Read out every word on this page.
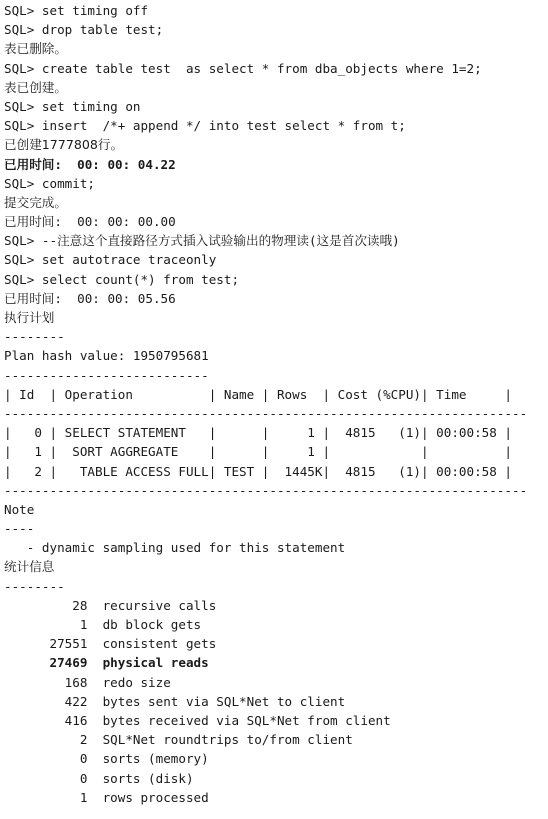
SQL> set timing off
SQL> drop table test;
表已删除。
SQL> create table test  as select * from dba_objects where 1=2;
表已创建。
SQL> set timing on
SQL> insert  /*+ append */ into test select * from t;
已创建1777808行。
已用时间:  00: 00: 04.22
SQL> commit;
提交完成。
已用时间:  00: 00: 00.00
SQL> --注意这个直接路径方式插入试验输出的物理读(这是首次读哦)
SQL> set autotrace traceonly
SQL> select count(*) from test;
已用时间:  00: 00: 05.56
执行计划
--------
Plan hash value: 1950795681
---------------------------
| Id  | Operation          | Name | Rows  | Cost (%CPU)| Time     |
---------------------------------------------------------------------
|   0 | SELECT STATEMENT   |      |     1 |  4815   (1)| 00:00:58 |
|   1 |  SORT AGGREGATE    |      |     1 |            |          |
|   2 |   TABLE ACCESS FULL| TEST |  1445K|  4815   (1)| 00:00:58 |
---------------------------------------------------------------------
Note
----
- dynamic sampling used for this statement
统计信息
--------
28  recursive calls
1  db block gets
27551  consistent gets
27469  physical reads
168  redo size
422  bytes sent via SQL*Net to client
416  bytes received via SQL*Net from client
2  SQL*Net roundtrips to/from client
0  sorts (memory)
0  sorts (disk)
1  rows processed
